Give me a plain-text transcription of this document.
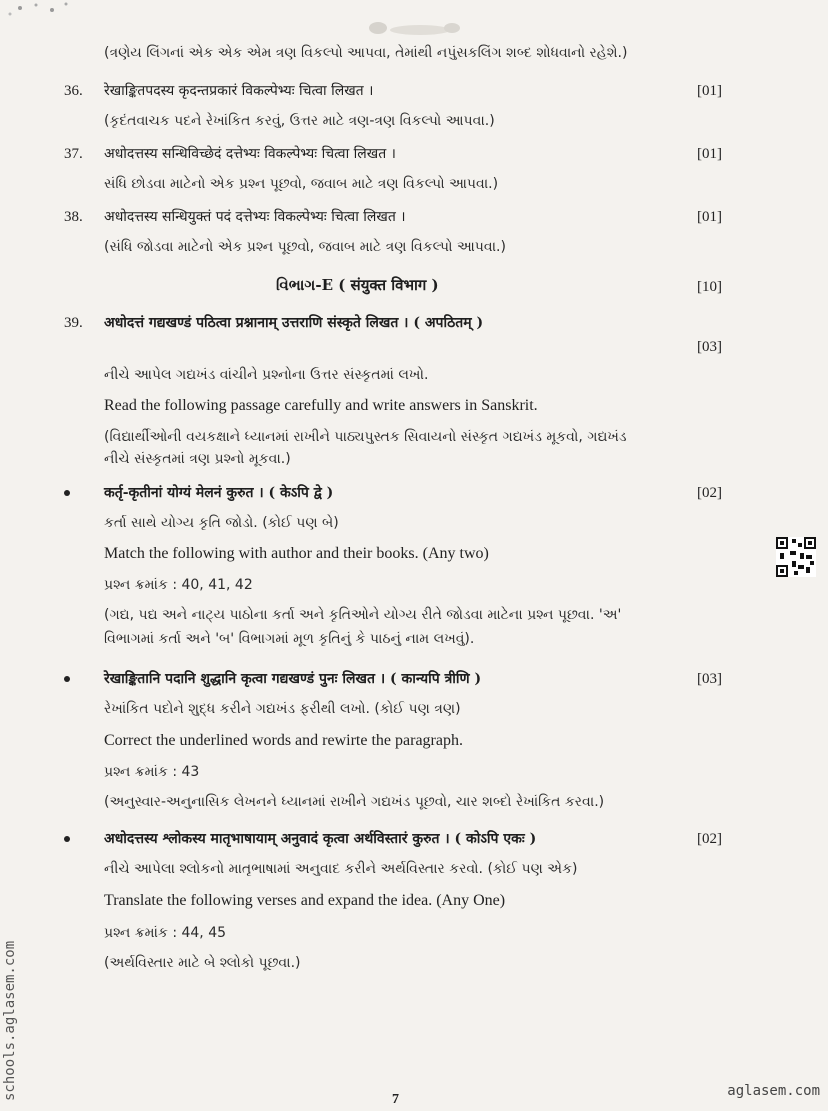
(ત્રણેય લિંગનાં એક એક એમ ત્રણ વિકલ્પો આપવા, તેમાંથી નપુંસકલિંગ શબ્દ શોધવાનો રહેશે.)
36. रेखाङ्कितपदस्य कृदन्तप्रकारं विकल्पेभ्यः चित्वा लिखत ।	[01]
(કૃદંતવાચક પદને રેખાંકિત કરવું, ઉત્તર માટે ત્રણ-ત્રણ વિકલ્પો આપવા.)
37. अधोदत्तस्य सन्धिविच्छेदं दत्तेभ्यः विकल्पेभ्यः चित्वा लिखत ।	[01]
સંધિ છોડવા માટેનો એક પ્રશ્ન પૂછવો, જવાબ માટે ત્રણ વિકલ્પો આપવા.)
38. अधोदत्तस्य सन्धियुक्तं पदं दत्तेभ्यः विकल्पेभ्यः चित्वा लिखत ।	[01]
(સંધિ જોડવા માટેનો એક પ્રશ્ન પૂછવો, જવાબ માટે ત્રણ વિકલ્પો આપવા.)
વિભાગ-E ( संयुक्त विभाग )	[10]
39. अधोदत्तं गद्यखण्डं पठित्वा प्रश्नानाम् उत्तराणि संस्कृते लिखत । ( अपठितम् )
[03]
નીચે આપેલ ગદ્યખંડ વાંચીને પ્રશ્નોના ઉત્તર સંસ્કૃતમાં લખો.
Read the following passage carefully and write answers in Sanskrit.
(વિદ્યાર્થીઓની વયકક્ષાને ધ્યાનમાં રાખીને પાઠ્યપુસ્તક સિવાયનો સંસ્કૃત ગદ્યખંડ મૂકવો, ગદ્યખંડ
નીચે સંસ્કૃતમાં ત્રણ પ્રશ્નો મૂકવા.)
कर्तृ-कृतीनां योग्यं मेलनं कुरुत । ( केऽपि द्वे )	[02]
કર્તા સાથે યોગ્ય કૃતિ જોડો. (કોઈ પણ બે)
Match the following with author and their books. (Any two)
પ્રશ્ન ક્રમાંક : 40, 41, 42
(ગદ્ય, પદ્ય અને નાટ્ય પાઠોના કર્તા અને કૃતિઓને યોગ્ય રીતે જોડવા માટેના પ્રશ્ન પૂછવા. 'અ'
વિભાગમાં કર્તા અને 'બ' વિભાગમાં મૂળ કૃતિનું કે પાઠનું નામ લખવું).
रेखाङ्कितानि पदानि शुद्धानि कृत्वा गद्यखण्डं पुनः लिखत । ( कान्यपि त्रीणि )	[03]
રેખાંકિત પદોને શુદ્ધ કરીને ગદ્યખંડ ફરીથી લખો. (કોઈ પણ ત્રણ)
Correct the underlined words and rewirte the paragraph.
પ્રશ્ન ક્રમાંક : 43
(અનુસ્વાર-અનુનાસિક લેખનને ધ્યાનમાં રાખીને ગદ્યખંડ પૂછવો, ચાર શબ્દો રેખાંકિત કરવા.)
अधोदत्तस्य श्लोकस्य मातृभाषायाम् अनुवादं कृत्वा अर्थविस्तारं कुरुत । ( कोऽपि एकः )	[02]
નીચે આપેલા શ્લોકનો માતૃભાષામાં અનુવાદ કરીને અર્થવિસ્તાર કરવો. (કોઈ પણ એક)
Translate the following verses and expand the idea. (Any One)
પ્રશ્ન ક્રમાંક : 44, 45
(અર્થવિસ્તાર માટે બે શ્લોકો પૂછવા.)
7
schools.aglasem.com	aglasem.com
